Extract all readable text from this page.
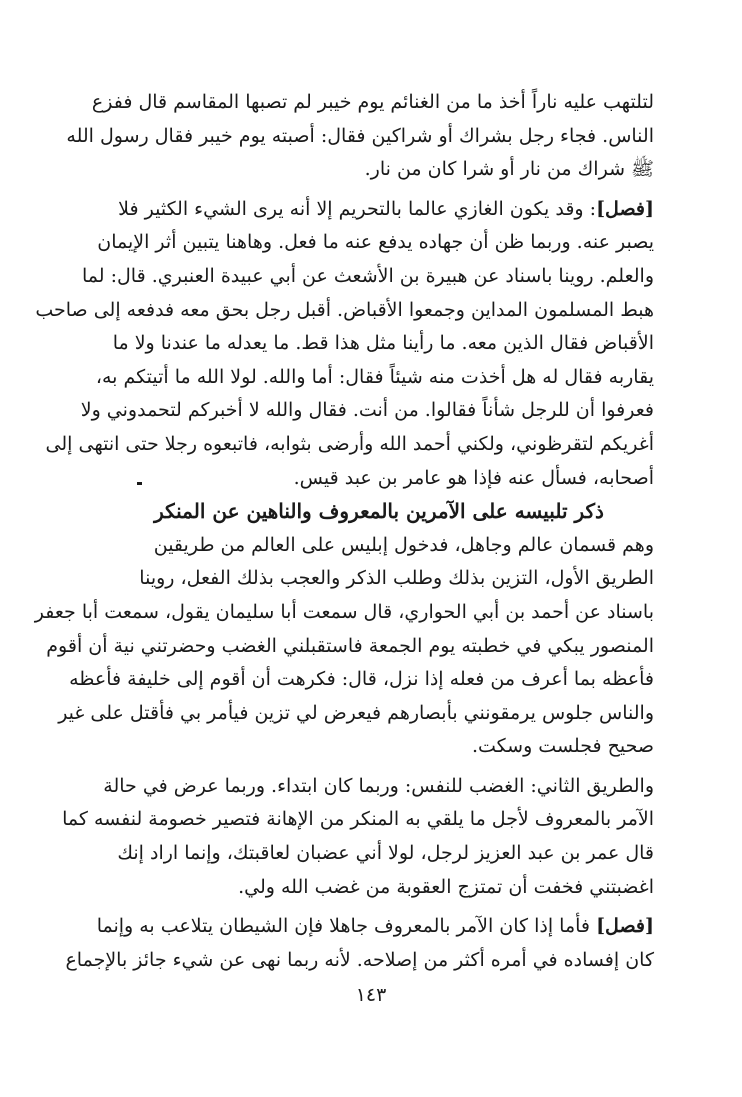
لتلتهب عليه ناراً أخذ ما من الغنائم يوم خيبر لم تصبها المقاسم قال ففزع
الناس. فجاء رجل بشراك أو شراكين فقال: أصبته يوم خيبر فقال رسول الله
ﷺ شراك من نار أو شرا كان من نار.
[فصل]: وقد يكون الغازي عالما بالتحريم إلا أنه يرى الشيء الكثير فلا
يصبر عنه. وربما ظن أن جهاده يدفع عنه ما فعل. وهاهنا يتبين أثر الإيمان
والعلم. روينا باسناد عن هبيرة بن الأشعث عن أبي عبيدة العنبري. قال: لما
هبط المسلمون المداين وجمعوا الأقباض. أقبل رجل بحق معه فدفعه إلى صاحب
الأقباض فقال الذين معه. ما رأينا مثل هذا قط. ما يعدله ما عندنا ولا ما
يقاربه فقال له هل أخذت منه شيئاً فقال: أما والله. لولا الله ما أتيتكم به،
فعرفوا أن للرجل شأناً فقالوا. من أنت. فقال والله لا أخبركم لتحمدوني ولا
أغريكم لتقرظوني، ولكني أحمد الله وأرضى بثوابه، فاتبعوه رجلا حتى انتهى إلى
أصحابه، فسأل عنه فإذا هو عامر بن عبد قيس.
ذكر تلبيسه على الآمرين بالمعروف والناهين عن المنكر
وهم قسمان عالم وجاهل، فدخول إبليس على العالم من طريقين
الطريق الأول، التزين بذلك وطلب الذكر والعجب بذلك الفعل، روينا
باسناد عن أحمد بن أبي الحواري، قال سمعت أبا سليمان يقول، سمعت أبا جعفر
المنصور يبكي في خطبته يوم الجمعة فاستقبلني الغضب وحضرتني نية أن أقوم
فأعظه بما أعرف من فعله إذا نزل، قال: فكرهت أن أقوم إلى خليفة فأعظه
والناس جلوس يرمقونني بأبصارهم فيعرض لي تزين فيأمر بي فأقتل على غير
صحيح فجلست وسكت.
والطريق الثاني: الغضب للنفس: وربما كان ابتداء. وربما عرض في حالة
الآمر بالمعروف لأجل ما يلقي به المنكر من الإهانة فتصير خصومة لنفسه كما
قال عمر بن عبد العزيز لرجل، لولا أني عضبان لعاقبتك، وإنما اراد إنك
اغضبتني فخفت أن تمتزج العقوبة من غضب الله ولي.
[فصل] فأما إذا كان الآمر بالمعروف جاهلا فإن الشيطان يتلاعب به وإنما
كان إفساده في أمره أكثر من إصلاحه. لأنه ربما نهى عن شيء جائز بالإجماع
١٤٣
